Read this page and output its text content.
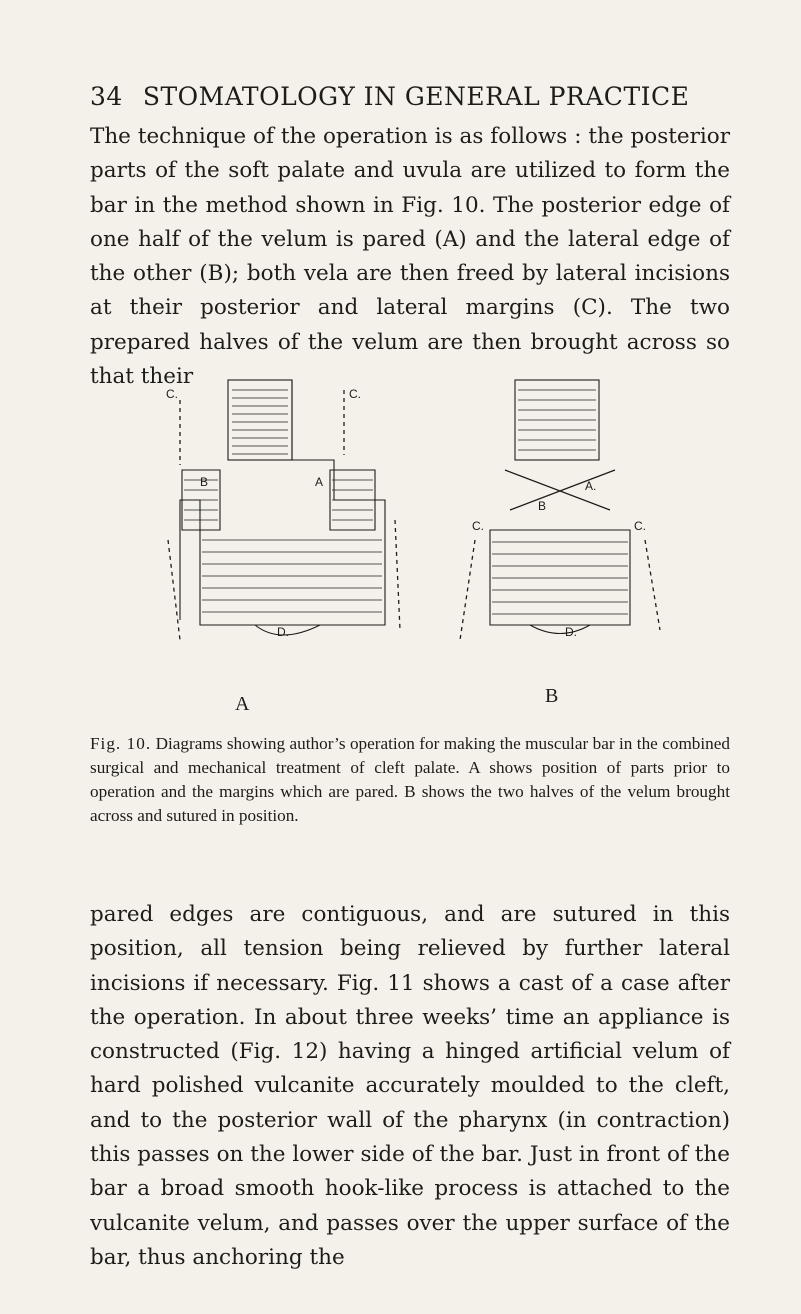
34 STOMATOLOGY IN GENERAL PRACTICE

The technique of the operation is as follows : the posterior parts of the soft palate and uvula are utilized to form the bar in the method shown in Fig. 10. The posterior edge of one half of the velum is pared (A) and the lateral edge of the other (B); both vela are then freed by lateral incisions at their posterior and lateral margins (C). The two prepared halves of the velum are then brought across so that their

C.	C.
B	A
D.
C.	C.
B
A.
D.
A	B

Fig. 10. Diagrams showing author’s operation for making the muscular bar in the combined surgical and mechanical treatment of cleft palate. A shows position of parts prior to operation and the margins which are pared. B shows the two halves of the velum brought across and sutured in position.

pared edges are contiguous, and are sutured in this position, all tension being relieved by further lateral incisions if necessary. Fig. 11 shows a cast of a case after the operation. In about three weeks’ time an appliance is constructed (Fig. 12) having a hinged artificial velum of hard polished vulcanite accurately moulded to the cleft, and to the posterior wall of the pharynx (in contraction) this passes on the lower side of the bar. Just in front of the bar a broad smooth hook-like process is attached to the vulcanite velum, and passes over the upper surface of the bar, thus anchoring the
